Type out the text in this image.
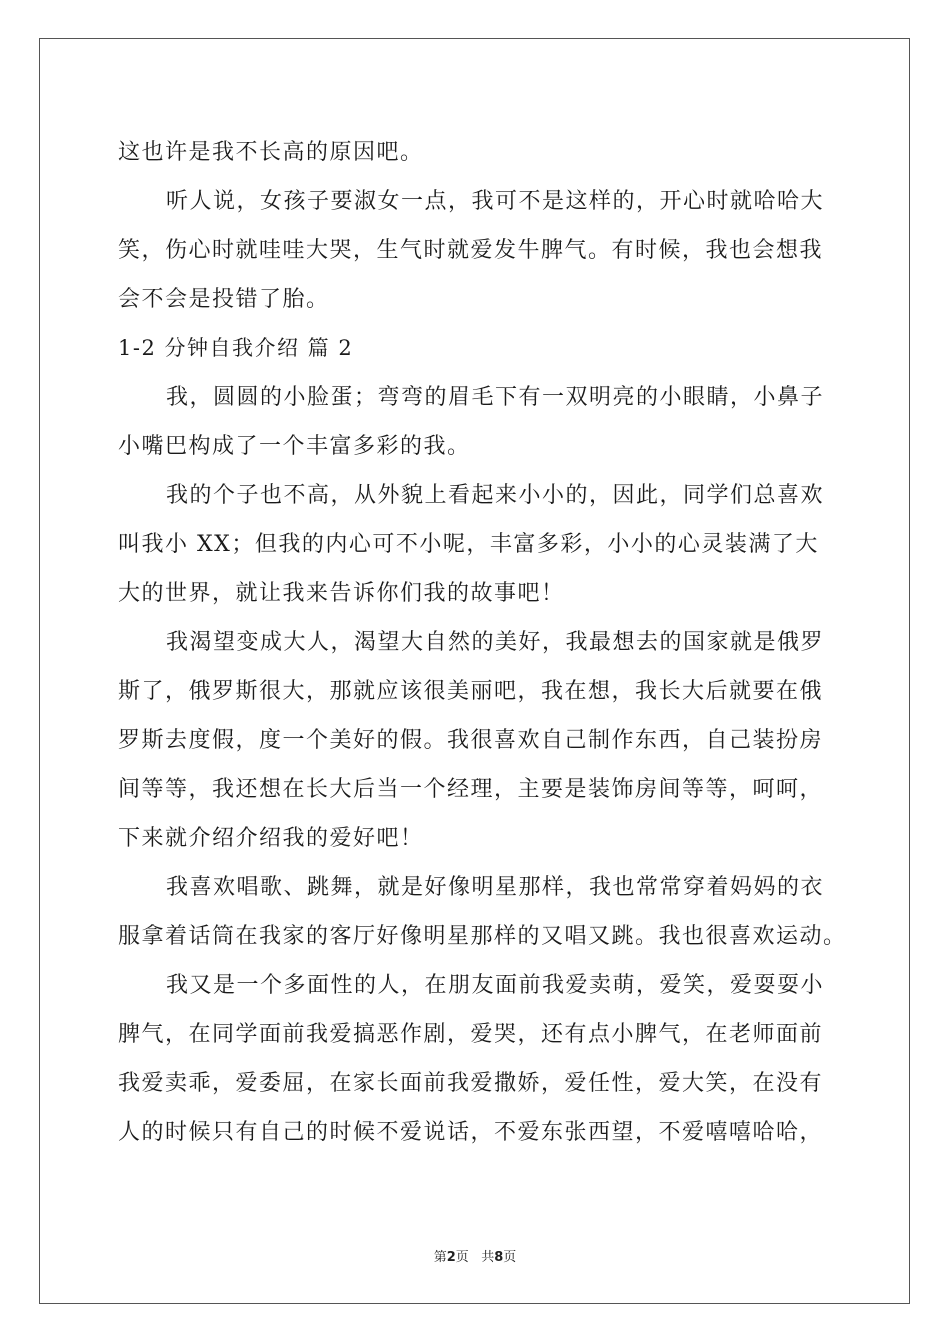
这也许是我不长高的原因吧。
听人说，女孩子要淑女一点，我可不是这样的，开心时就哈哈大
笑，伤心时就哇哇大哭，生气时就爱发牛脾气。有时候，我也会想我
会不会是投错了胎。
1-2 分钟自我介绍 篇 2
我，圆圆的小脸蛋；弯弯的眉毛下有一双明亮的小眼睛，小鼻子
小嘴巴构成了一个丰富多彩的我。
我的个子也不高，从外貌上看起来小小的，因此，同学们总喜欢
叫我小 XX；但我的内心可不小呢，丰富多彩，小小的心灵装满了大
大的世界，就让我来告诉你们我的故事吧！
我渴望变成大人，渴望大自然的美好，我最想去的国家就是俄罗
斯了，俄罗斯很大，那就应该很美丽吧，我在想，我长大后就要在俄
罗斯去度假，度一个美好的假。我很喜欢自己制作东西，自己装扮房
间等等，我还想在长大后当一个经理，主要是装饰房间等等，呵呵，
下来就介绍介绍我的爱好吧！
我喜欢唱歌、跳舞，就是好像明星那样，我也常常穿着妈妈的衣
服拿着话筒在我家的客厅好像明星那样的又唱又跳。我也很喜欢运动。
我又是一个多面性的人，在朋友面前我爱卖萌，爱笑，爱耍耍小
脾气，在同学面前我爱搞恶作剧，爱哭，还有点小脾气，在老师面前
我爱卖乖，爱委屈，在家长面前我爱撒娇，爱任性，爱大笑，在没有
人的时候只有自己的时候不爱说话，不爱东张西望，不爱嘻嘻哈哈，
第2页   共8页
